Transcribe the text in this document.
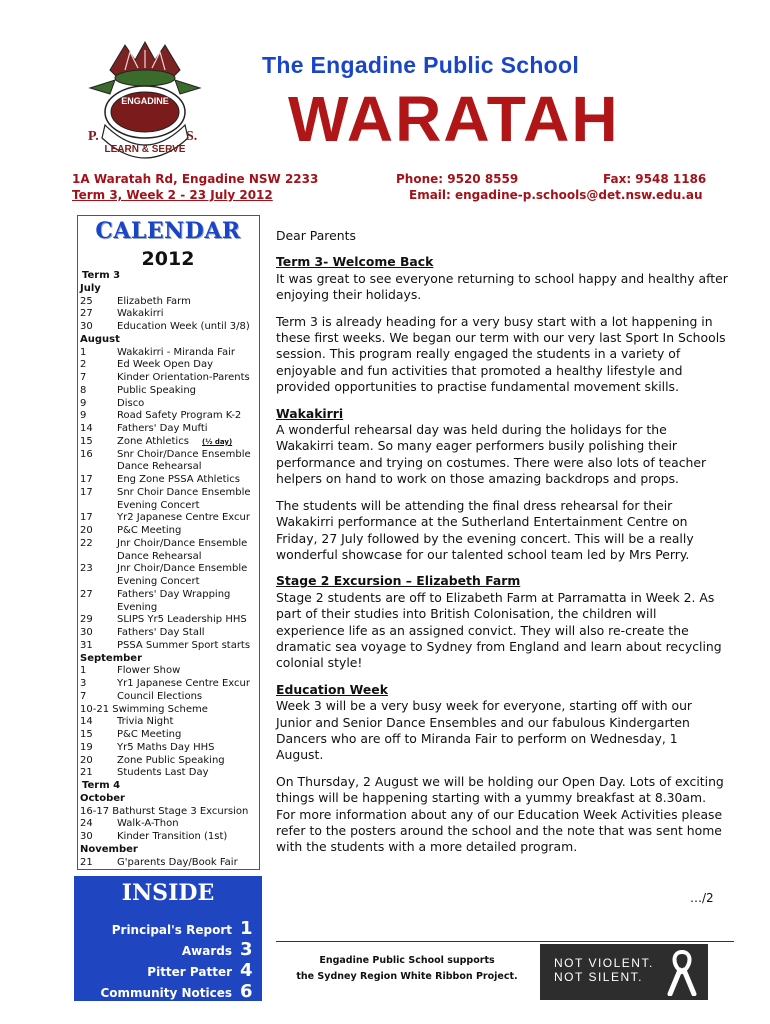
ENGADINE
P.	S.
LEARN & SERVE
The Engadine Public School
WARATAH
1A Waratah Rd, Engadine NSW 2233
Term 3, Week 2 - 23 July 2012
Phone: 9520 8559	Fax: 9548 1186
Email: engadine-p.schools@det.nsw.edu.au
CALENDAR
2012
Term 3
July
25 Elizabeth Farm
27 Wakakirri
30 Education Week (until 3/8)
August
1	Wakakirri - Miranda Fair
2	Ed Week Open Day
7	Kinder Orientation-Parents
8	Public Speaking
9	Disco
9	Road Safety Program K-2
14 Fathers' Day Mufti
15 Zone Athletics (½ day)
16 Snr Choir/Dance Ensemble
Dance Rehearsal
17 Eng Zone PSSA Athletics
17 Snr Choir Dance Ensemble
Evening Concert
17 Yr2 Japanese Centre Excur
20 P&C Meeting
22 Jnr Choir/Dance Ensemble
Dance Rehearsal
23 Jnr Choir/Dance Ensemble
Evening Concert
27 Fathers' Day Wrapping
Evening
29 SLIPS Yr5 Leadership HHS
30 Fathers' Day Stall
31 PSSA Summer Sport starts
September
1	Flower Show
3	Yr1 Japanese Centre Excur
7	Council Elections
10-21 Swimming Scheme
14 Trivia Night
15 P&C Meeting
19 Yr5 Maths Day HHS
20 Zone Public Speaking
21 Students Last Day
Term 4
October
16-17 Bathurst Stage 3 Excursion
24 Walk-A-Thon
30 Kinder Transition (1st)
November
21 G'parents Day/Book Fair
INSIDE
Principal's Report 1
Awards 3
Pitter Patter 4
Community Notices 6

Dear Parents

Term 3- Welcome Back

It was great to see everyone returning to school happy and healthy after enjoying their holidays.

Term 3 is already heading for a very busy start with a lot happening in these first weeks. We began our term with our very last Sport In Schools session. This program really engaged the students in a variety of enjoyable and fun activities that promoted a healthy lifestyle and provided opportunities to practise fundamental movement skills.

Wakakirri

A wonderful rehearsal day was held during the holidays for the Wakakirri team. So many eager performers busily polishing their performance and trying on costumes. There were also lots of teacher helpers on hand to work on those amazing backdrops and props.

The students will be attending the final dress rehearsal for their Wakakirri performance at the Sutherland Entertainment Centre on Friday, 27 July followed by the evening concert. This will be a really wonderful showcase for our talented school team led by Mrs Perry.

Stage 2 Excursion – Elizabeth Farm

Stage 2 students are off to Elizabeth Farm at Parramatta in Week 2. As part of their studies into British Colonisation, the children will experience life as an assigned convict. They will also re-create the dramatic sea voyage to Sydney from England and learn about recycling colonial style!

Education Week

Week 3 will be a very busy week for everyone, starting off with our Junior and Senior Dance Ensembles and our fabulous Kindergarten Dancers who are off to Miranda Fair to perform on Wednesday, 1 August.

On Thursday, 2 August we will be holding our Open Day. Lots of exciting things will be happening starting with a yummy breakfast at 8.30am. For more information about any of our Education Week Activities please refer to the posters around the school and the note that was sent home with the students with a more detailed program.

…/2
Engadine Public School supports
the Sydney Region White Ribbon Project.
NOT VIOLENT.
NOT SILENT.
